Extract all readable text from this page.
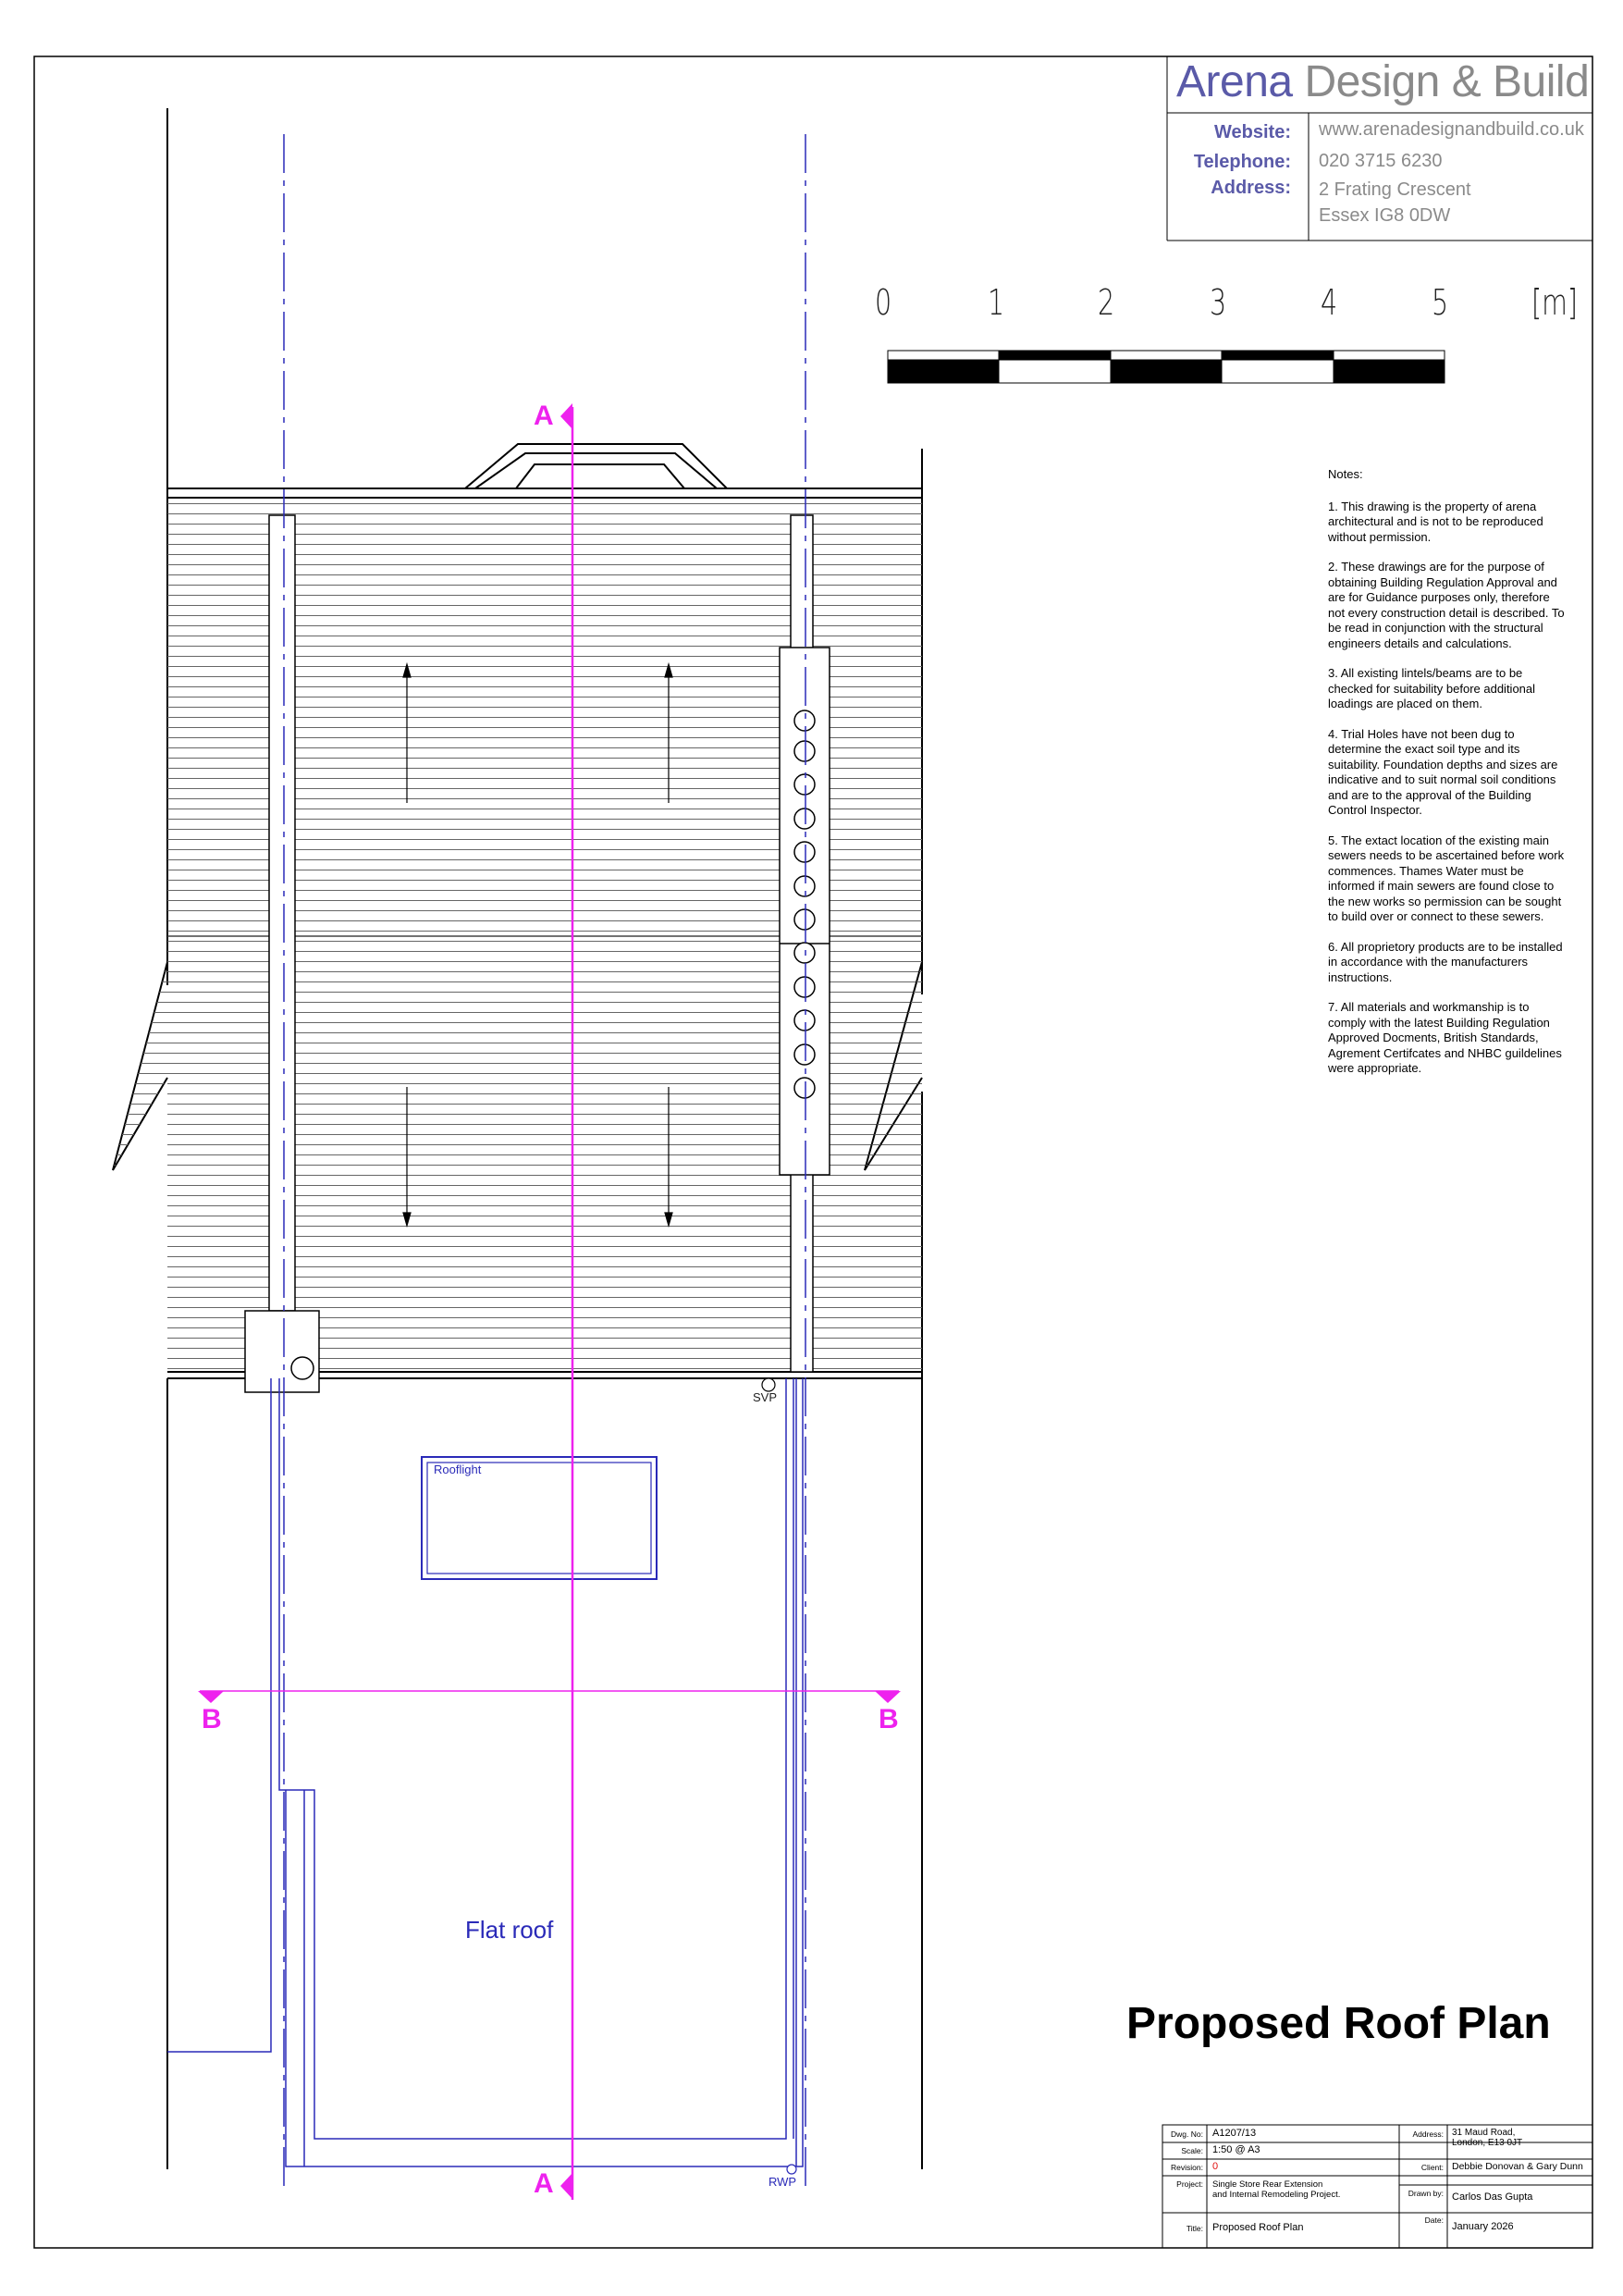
Arena Design & Build
Website: www.arenadesignandbuild.co.uk
Telephone: 020 3715 6230
Address: 2 Frating Crescent
Essex IG8 0DW
0	1	2	3	4	5 [m]

Notes:

1. This drawing is the property of arena architectural and is not to be reproduced without permission.

2. These drawings are for the purpose of obtaining Building Regulation Approval and are for Guidance purposes only, therefore not every construction detail is described. To be read in conjunction with the structural engineers details and calculations.

3. All existing lintels/beams are to be checked for suitability before additional loadings are placed on them.

4. Trial Holes have not been dug to determine the exact soil type and its suitability. Foundation depths and sizes are indicative and to suit normal soil conditions and are to the approval of the Building Control Inspector.

5. The extact location of the existing main sewers needs to be ascertained before work commences. Thames Water must be informed if main sewers are found close to the new works so permission can be sought to build over or connect to these sewers.

6. All proprietory products are to be installed in accordance with the manufacturers instructions.

7. All materials and workmanship is to comply with the latest Building Regulation Approved Docments, British Standards, Agrement Certifcates and NHBC guildelines were appropriate.

A
A
B	B
Rooflight
Flat roof
SVP
RWP
Proposed Roof Plan
Dwg. No: A1207/13
Scale: 1:50 @ A3
Revision: 0
Project: Single Store Rear Extension
and Internal Remodeling Project.
Title: Proposed Roof Plan
Address: 31 Maud Road,
London, E13 0JT
Client: Debbie Donovan & Gary Dunn
Drawn by: Carlos Das Gupta
Date:
January 2026
